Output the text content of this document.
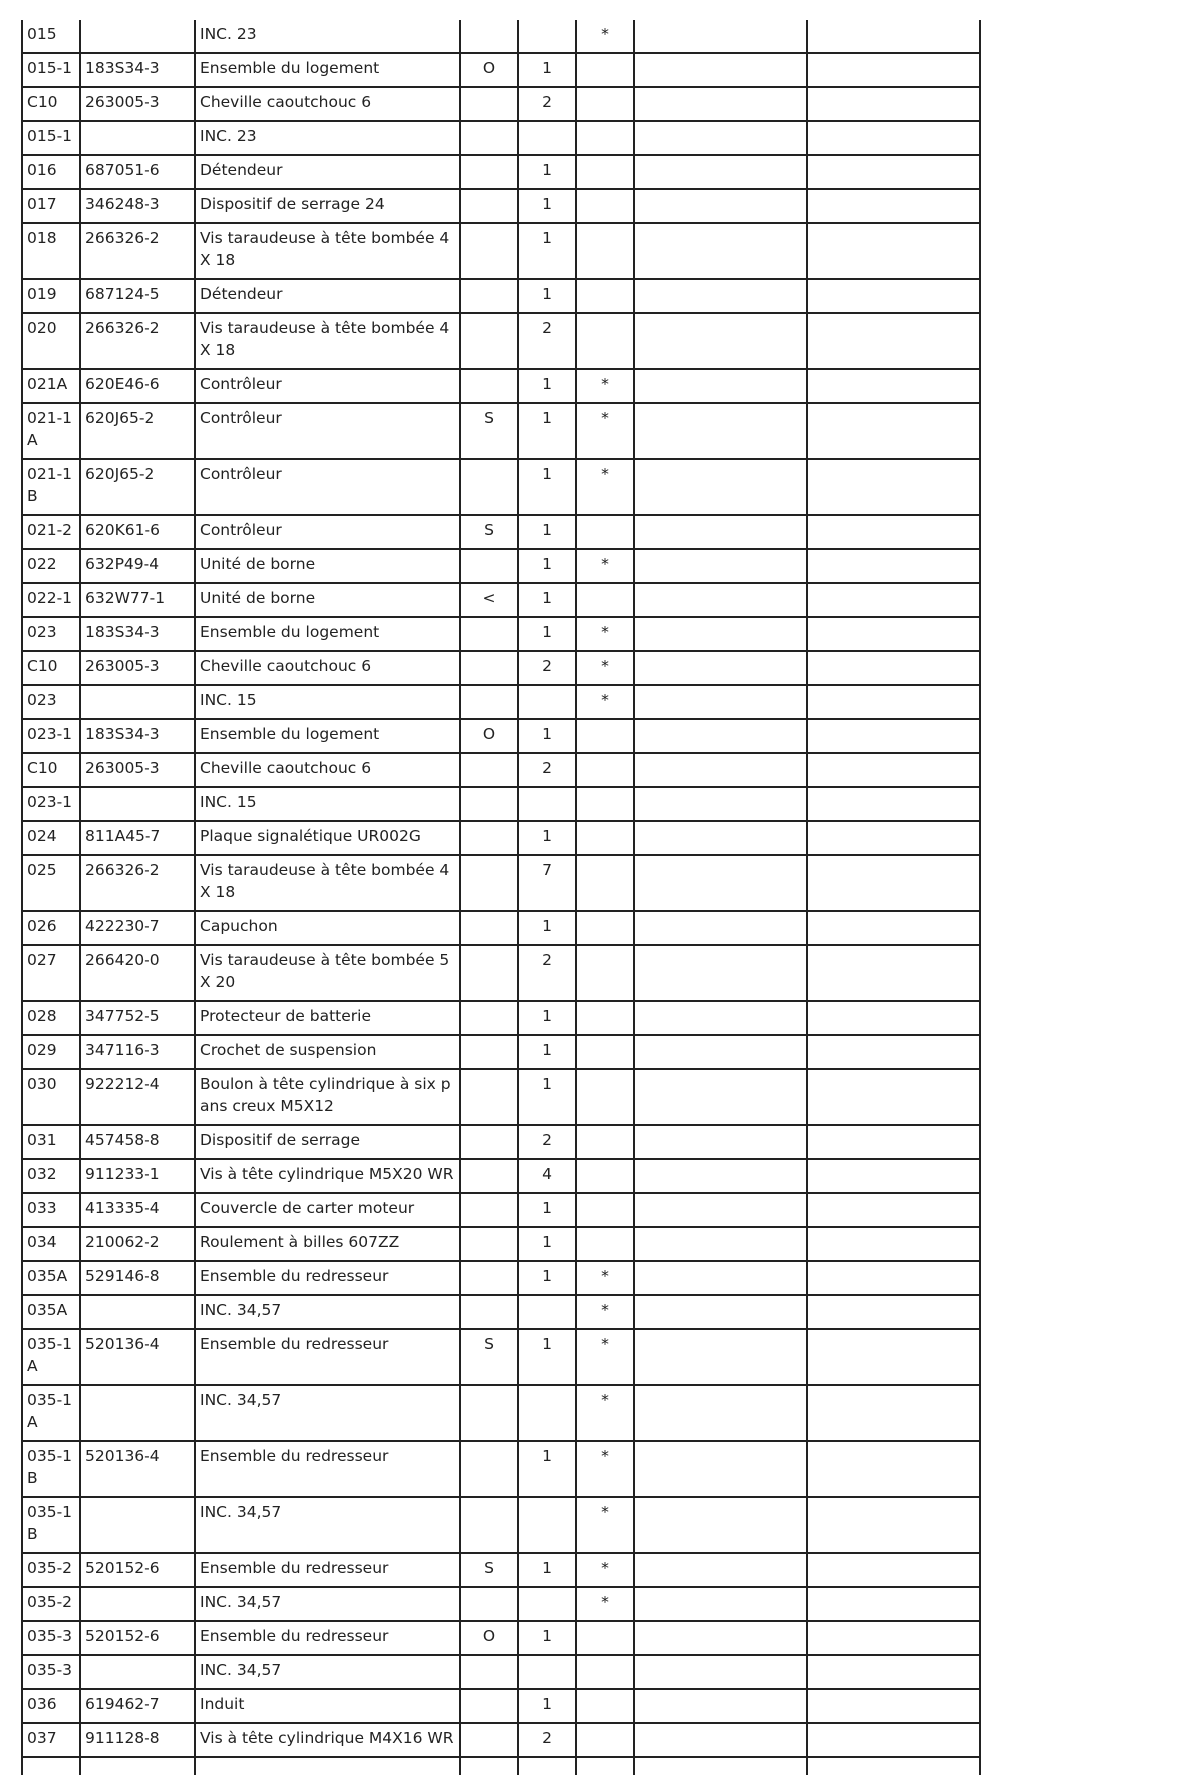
015		INC. 23			*		
015-1	183S34-3	Ensemble du logement	O	1			
C10	263005-3	Cheville caoutchouc 6		2			
015-1		INC. 23					
016	687051-6	Détendeur		1			
017	346248-3	Dispositif de serrage 24		1			
018	266326-2	Vis taraudeuse à tête bombée 4X 18		1			
019	687124-5	Détendeur		1			
020	266326-2	Vis taraudeuse à tête bombée 4X 18		2			
021A	620E46-6	Contrôleur		1	*		
021-1A	620J65-2	Contrôleur	S	1	*		
021-1B	620J65-2	Contrôleur		1	*		
021-2	620K61-6	Contrôleur	S	1			
022	632P49-4	Unité de borne		1	*		
022-1	632W77-1	Unité de borne	<	1			
023	183S34-3	Ensemble du logement		1	*		
C10	263005-3	Cheville caoutchouc 6		2	*		
023		INC. 15			*		
023-1	183S34-3	Ensemble du logement	O	1			
C10	263005-3	Cheville caoutchouc 6		2			
023-1		INC. 15					
024	811A45-7	Plaque signalétique UR002G		1			
025	266326-2	Vis taraudeuse à tête bombée 4X 18		7			
026	422230-7	Capuchon		1			
027	266420-0	Vis taraudeuse à tête bombée 5X 20		2			
028	347752-5	Protecteur de batterie		1			
029	347116-3	Crochet de suspension		1			
030	922212-4	Boulon à tête cylindrique à six pans creux M5X12		1			
031	457458-8	Dispositif de serrage		2			
032	911233-1	Vis à tête cylindrique M5X20 WR		4			
033	413335-4	Couvercle de carter moteur		1			
034	210062-2	Roulement à billes 607ZZ		1			
035A	529146-8	Ensemble du redresseur		1	*		
035A		INC. 34,57			*		
035-1A	520136-4	Ensemble du redresseur	S	1	*		
035-1A		INC. 34,57			*		
035-1B	520136-4	Ensemble du redresseur		1	*		
035-1B		INC. 34,57			*		
035-2	520152-6	Ensemble du redresseur	S	1	*		
035-2		INC. 34,57			*		
035-3	520152-6	Ensemble du redresseur	O	1			
035-3		INC. 34,57					
036	619462-7	Induit		1			
037	911128-8	Vis à tête cylindrique M4X16 WR		2			
